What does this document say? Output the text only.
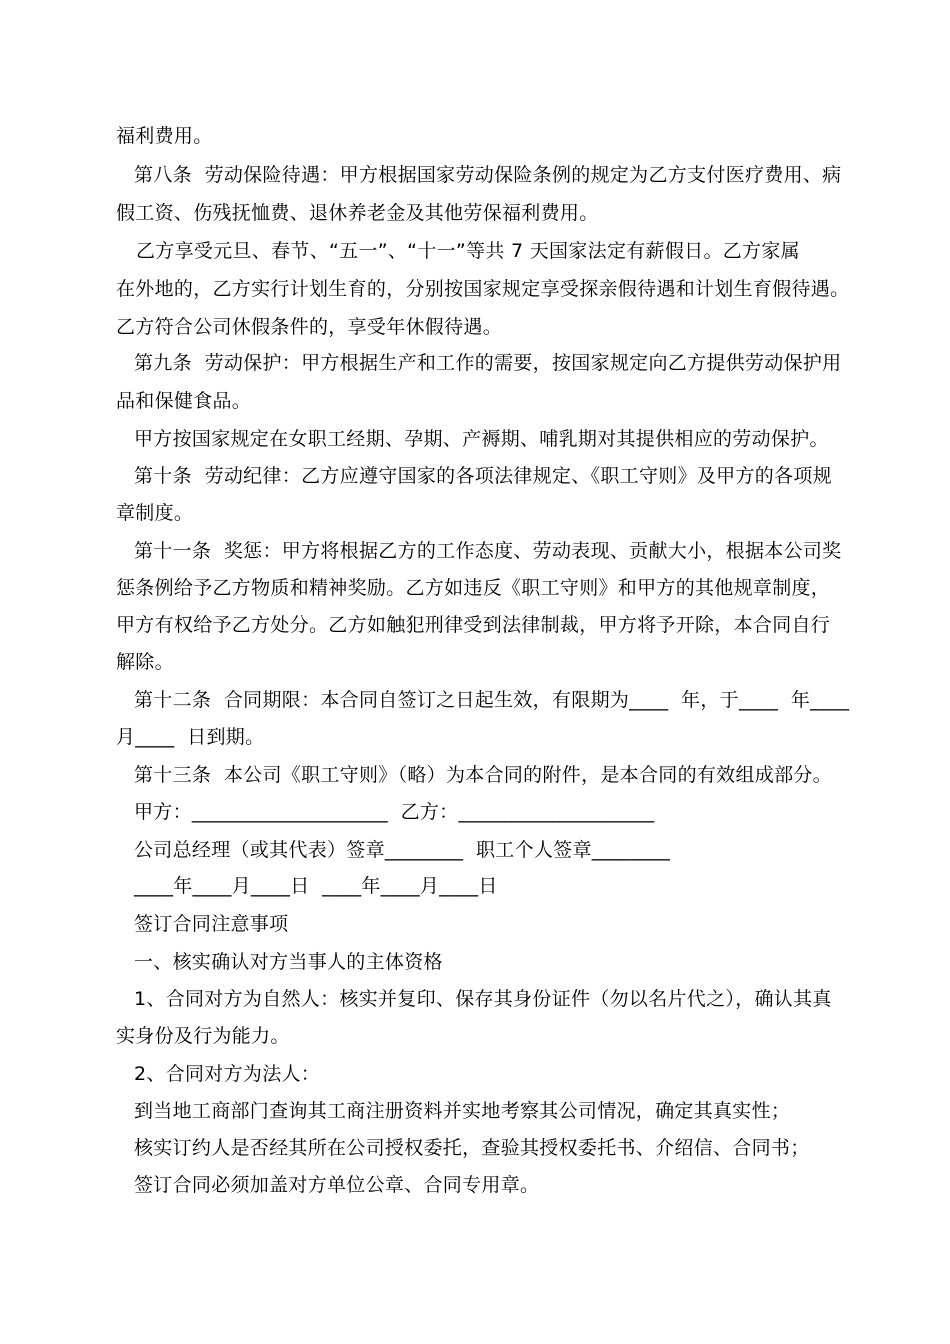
福利费用。
第八条  劳动保险待遇：甲方根据国家劳动保险条例的规定为乙方支付医疗费用、病
假工资、伤残抚恤费、退休养老金及其他劳保福利费用。
乙方享受元旦、春节、“五一”、“十一”等共 7 天国家法定有薪假日。乙方家属
在外地的，乙方实行计划生育的，分别按国家规定享受探亲假待遇和计划生育假待遇。
乙方符合公司休假条件的，享受年休假待遇。
第九条  劳动保护：甲方根据生产和工作的需要，按国家规定向乙方提供劳动保护用
品和保健食品。
甲方按国家规定在女职工经期、孕期、产褥期、哺乳期对其提供相应的劳动保护。
第十条  劳动纪律：乙方应遵守国家的各项法律规定、《职工守则》及甲方的各项规
章制度。
第十一条  奖惩：甲方将根据乙方的工作态度、劳动表现、贡献大小，根据本公司奖
惩条例给予乙方物质和精神奖励。乙方如违反《职工守则》和甲方的其他规章制度，
甲方有权给予乙方处分。乙方如触犯刑律受到法律制裁，甲方将予开除，本合同自行
解除。
第十二条  合同期限：本合同自签订之日起生效，有限期为____  年，于____  年____
月____  日到期。
第十三条  本公司《职工守则》（略）为本合同的附件，是本合同的有效组成部分。
甲方：____________________  乙方：____________________
公司总经理（或其代表）签章________  职工个人签章________
____年____月____日  ____年____月____日
签订合同注意事项
一、核实确认对方当事人的主体资格
1、合同对方为自然人：核实并复印、保存其身份证件（勿以名片代之），确认其真
实身份及行为能力。
2、合同对方为法人：
到当地工商部门查询其工商注册资料并实地考察其公司情况，确定其真实性；
核实订约人是否经其所在公司授权委托，查验其授权委托书、介绍信、合同书；
签订合同必须加盖对方单位公章、合同专用章。
